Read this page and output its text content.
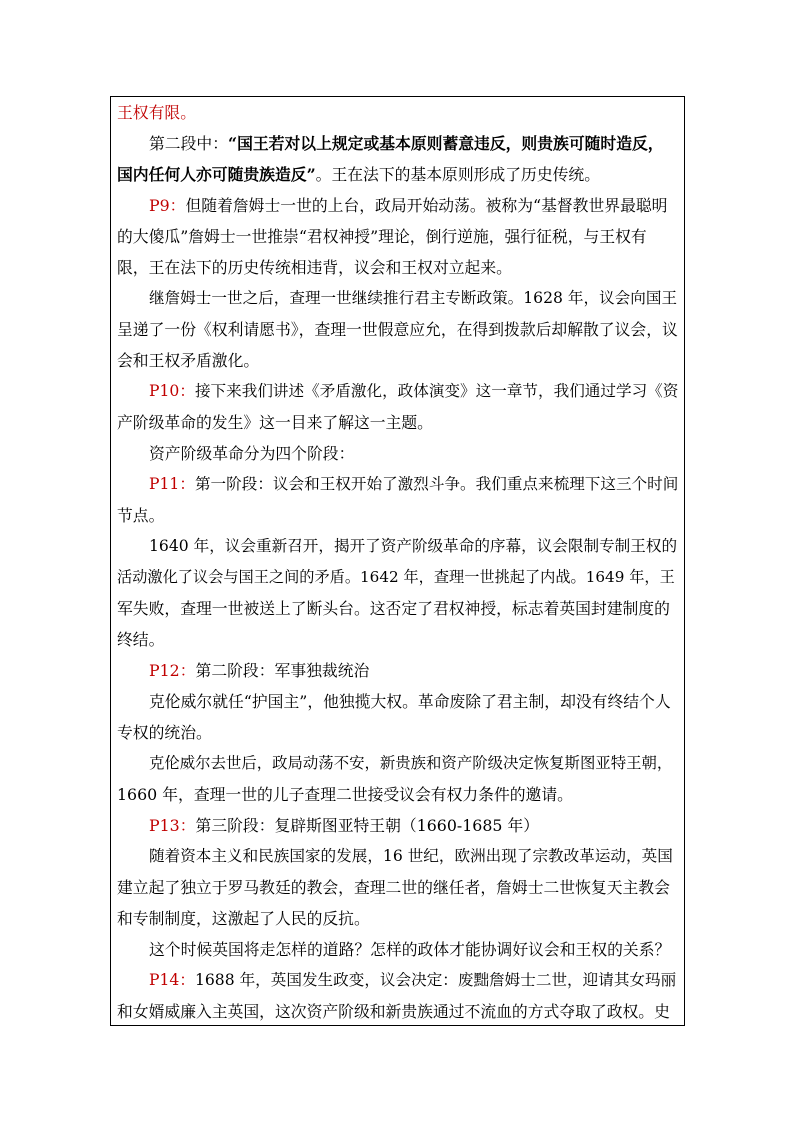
王权有限。

第二段中：“国王若对以上规定或基本原则蓄意违反，则贵族可随时造反，

国内任何人亦可随贵族造反”。王在法下的基本原则形成了历史传统。

P9：但随着詹姆士一世的上台，政局开始动荡。被称为“基督教世界最聪明

的大傻瓜”詹姆士一世推崇“君权神授”理论，倒行逆施，强行征税，与王权有

限，王在法下的历史传统相违背，议会和王权对立起来。

继詹姆士一世之后，查理一世继续推行君主专断政策。1628 年，议会向国王

呈递了一份《权利请愿书》，查理一世假意应允，在得到拨款后却解散了议会，议

会和王权矛盾激化。

P10：接下来我们讲述《矛盾激化，政体演变》这一章节，我们通过学习《资

产阶级革命的发生》这一目来了解这一主题。

资产阶级革命分为四个阶段：

P11：第一阶段：议会和王权开始了激烈斗争。我们重点来梳理下这三个时间

节点。

1640 年，议会重新召开，揭开了资产阶级革命的序幕，议会限制专制王权的

活动激化了议会与国王之间的矛盾。1642 年，查理一世挑起了内战。1649 年，王

军失败，查理一世被送上了断头台。这否定了君权神授，标志着英国封建制度的

终结。

P12：第二阶段：军事独裁统治

克伦威尔就任“护国主”，他独揽大权。革命废除了君主制，却没有终结个人

专权的统治。

克伦威尔去世后，政局动荡不安，新贵族和资产阶级决定恢复斯图亚特王朝，

1660 年，查理一世的儿子查理二世接受议会有权力条件的邀请。

P13：第三阶段：复辟斯图亚特王朝（1660-1685 年）

随着资本主义和民族国家的发展，16 世纪，欧洲出现了宗教改革运动，英国

建立起了独立于罗马教廷的教会，查理二世的继任者，詹姆士二世恢复天主教会

和专制制度，这激起了人民的反抗。

这个时候英国将走怎样的道路？怎样的政体才能协调好议会和王权的关系？

P14：1688 年，英国发生政变，议会决定：废黜詹姆士二世，迎请其女玛丽

和女婿威廉入主英国，这次资产阶级和新贵族通过不流血的方式夺取了政权。史
